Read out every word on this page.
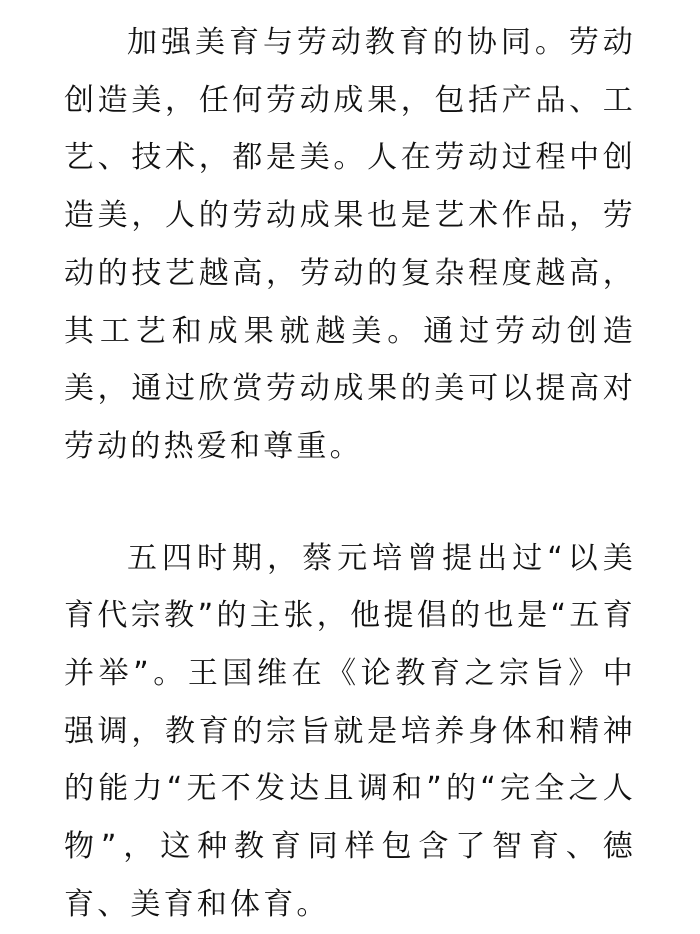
加强美育与劳动教育的协同。劳动创造美，任何劳动成果，包括产品、工艺、技术，都是美。人在劳动过程中创造美，人的劳动成果也是艺术作品，劳动的技艺越高，劳动的复杂程度越高，其工艺和成果就越美。通过劳动创造美，通过欣赏劳动成果的美可以提高对劳动的热爱和尊重。

五四时期，蔡元培曾提出过“以美育代宗教”的主张，他提倡的也是“五育并举”。王国维在《论教育之宗旨》中强调，教育的宗旨就是培养身体和精神的能力“无不发达且调和”的“完全之人物”，这种教育同样包含了智育、德育、美育和体育。
